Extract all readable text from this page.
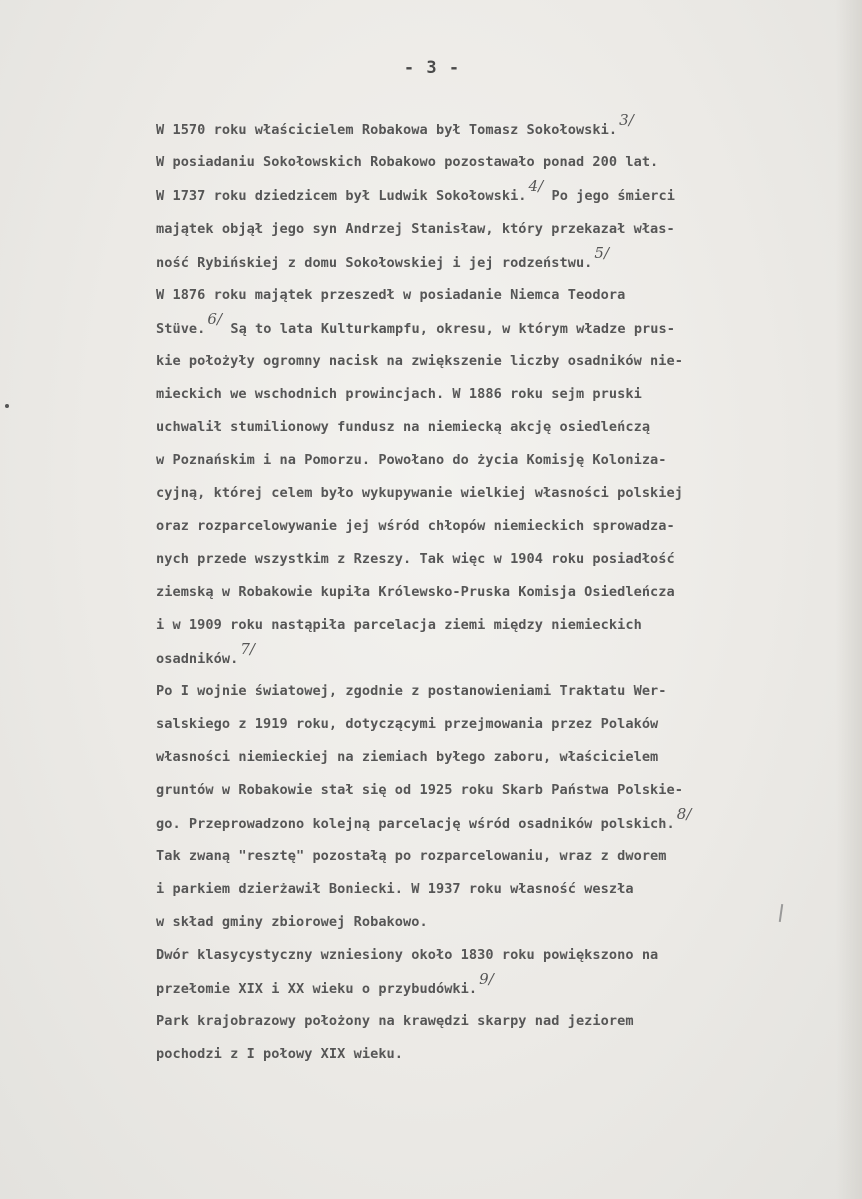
- 3 -
W 1570 roku właścicielem Robakowa był Tomasz Sokołowski.3/
W posiadaniu Sokołowskich Robakowo pozostawało ponad 200 lat.
W 1737 roku dziedzicem był Ludwik Sokołowski.4/ Po jego śmierci
majątek objął jego syn Andrzej Stanisław, który przekazał włas-
ność Rybińskiej z domu Sokołowskiej i jej rodzeństwu.5/
W 1876 roku majątek przeszedł w posiadanie Niemca Teodora
Stüve.6/ Są to lata Kulturkampfu, okresu, w którym władze prus-
kie położyły ogromny nacisk na zwiększenie liczby osadników nie-
mieckich we wschodnich prowincjach. W 1886 roku sejm pruski
uchwalił stumilionowy fundusz na niemiecką akcję osiedleńczą
w Poznańskim i na Pomorzu. Powołano do życia Komisję Koloniza-
cyjną, której celem było wykupywanie wielkiej własności polskiej
oraz rozparcelowywanie jej wśród chłopów niemieckich sprowadza-
nych przede wszystkim z Rzeszy. Tak więc w 1904 roku posiadłość
ziemską w Robakowie kupiła Królewsko-Pruska Komisja Osiedleńcza
i w 1909 roku nastąpiła parcelacja ziemi między niemieckich
osadników.7/
Po I wojnie światowej, zgodnie z postanowieniami Traktatu Wer-
salskiego z 1919 roku, dotyczącymi przejmowania przez Polaków
własności niemieckiej na ziemiach byłego zaboru, właścicielem
gruntów w Robakowie stał się od 1925 roku Skarb Państwa Polskie-
go. Przeprowadzono kolejną parcelację wśród osadników polskich.8/
Tak zwaną "resztę" pozostałą po rozparcelowaniu, wraz z dworem
i parkiem dzierżawił Boniecki. W 1937 roku własność weszła
w skład gminy zbiorowej Robakowo.
Dwór klasycystyczny wzniesiony około 1830 roku powiększono na
przełomie XIX i XX wieku o przybudówki.9/
Park krajobrazowy położony na krawędzi skarpy nad jeziorem
pochodzi z I połowy XIX wieku.
